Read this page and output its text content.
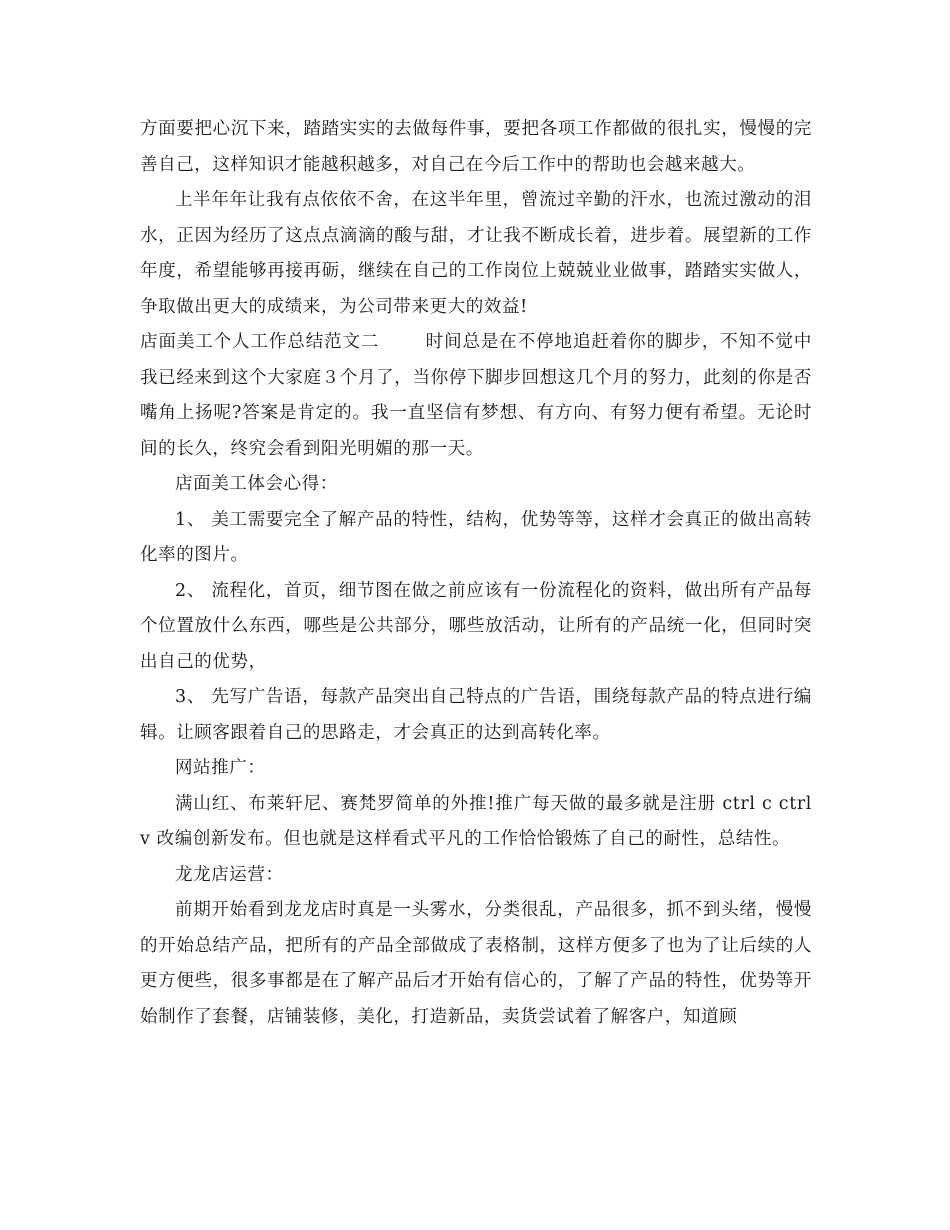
方面要把心沉下来，踏踏实实的去做每件事，要把各项工作都做的很扎实，慢慢的完善自己，这样知识才能越积越多，对自己在今后工作中的帮助也会越来越大。

上半年年让我有点依依不舍，在这半年里，曾流过辛勤的汗水，也流过激动的泪水，正因为经历了这点点滴滴的酸与甜，才让我不断成长着，进步着。展望新的工作年度，希望能够再接再砺，继续在自己的工作岗位上兢兢业业做事，踏踏实实做人，争取做出更大的成绩来，为公司带来更大的效益!

店面美工个人工作总结范文二	时间总是在不停地追赶着你的脚步，不知不觉中我已经来到这个大家庭３个月了，当你停下脚步回想这几个月的努力，此刻的你是否嘴角上扬呢?答案是肯定的。我一直坚信有梦想、有方向、有努力便有希望。无论时间的长久，终究会看到阳光明媚的那一天。

店面美工体会心得：

1、 美工需要完全了解产品的特性，结构，优势等等，这样才会真正的做出高转化率的图片。

2、 流程化，首页，细节图在做之前应该有一份流程化的资料，做出所有产品每个位置放什么东西，哪些是公共部分，哪些放活动，让所有的产品统一化，但同时突出自己的优势，

3、 先写广告语，每款产品突出自己特点的广告语，围绕每款产品的特点进行编辑。让顾客跟着自己的思路走，才会真正的达到高转化率。

网站推广：

满山红、布莱轩尼、赛梵罗简单的外推!推广每天做的最多就是注册 ctrl c ctrl v 改编创新发布。但也就是这样看式平凡的工作恰恰锻炼了自己的耐性，总结性。

龙龙店运营：

前期开始看到龙龙店时真是一头雾水，分类很乱，产品很多，抓不到头绪，慢慢的开始总结产品，把所有的产品全部做成了表格制，这样方便多了也为了让后续的人更方便些，很多事都是在了解产品后才开始有信心的，了解了产品的特性，优势等开始制作了套餐，店铺装修，美化，打造新品，卖货尝试着了解客户，知道顾
